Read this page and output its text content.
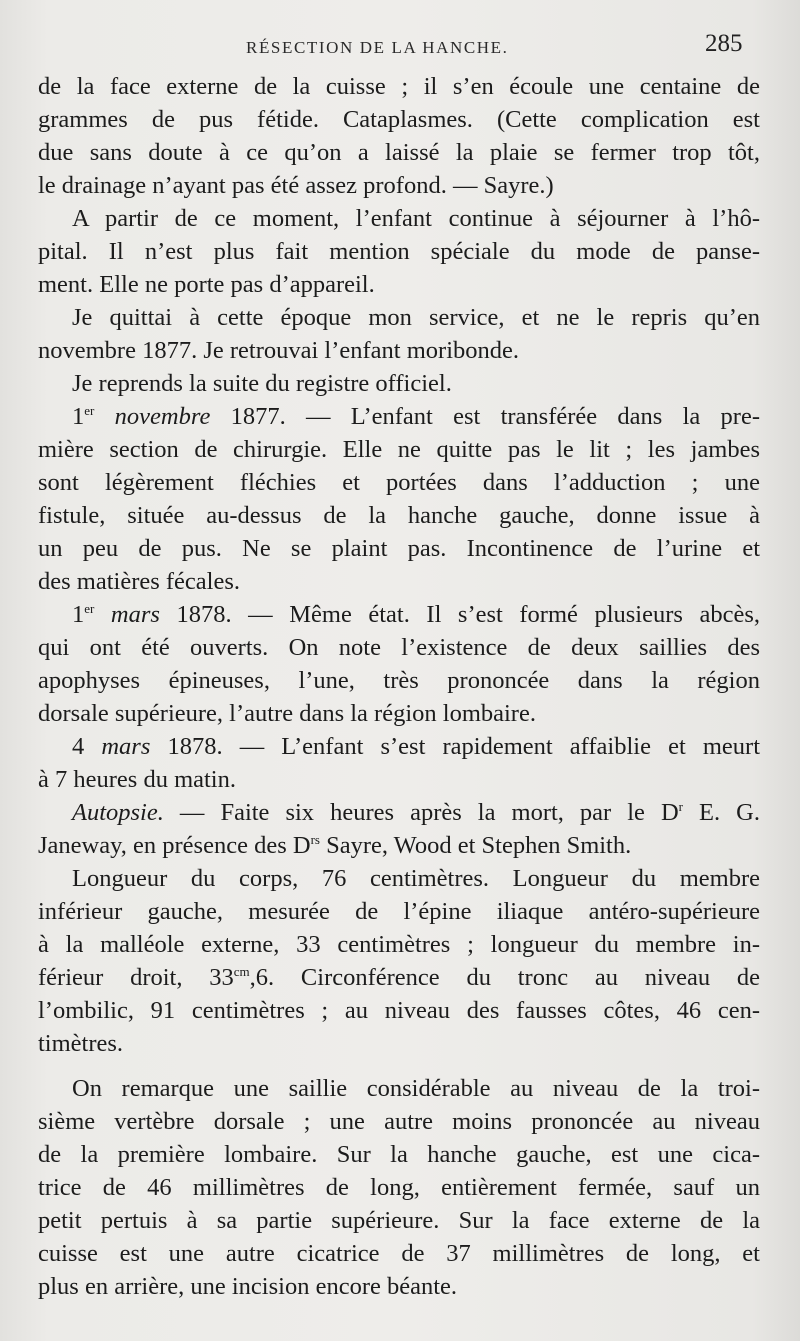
RÉSECTION DE LA HANCHE.	285
de la face externe de la cuisse ; il s’en écoule une centaine de
grammes de pus fétide. Cataplasmes. (Cette complication est
due sans doute à ce qu’on a laissé la plaie se fermer trop tôt,
le drainage n’ayant pas été assez profond. — Sayre.)
A partir de ce moment, l’enfant continue à séjourner à l’hô-
pital. Il n’est plus fait mention spéciale du mode de panse-
ment. Elle ne porte pas d’appareil.
Je quittai à cette époque mon service, et ne le repris qu’en
novembre 1877. Je retrouvai l’enfant moribonde.
Je reprends la suite du registre officiel.
1er novembre 1877. — L’enfant est transférée dans la pre-
mière section de chirurgie. Elle ne quitte pas le lit ; les jambes
sont légèrement fléchies et portées dans l’adduction ; une
fistule, située au-dessus de la hanche gauche, donne issue à
un peu de pus. Ne se plaint pas. Incontinence de l’urine et
des matières fécales.
1er mars 1878. — Même état. Il s’est formé plusieurs abcès,
qui ont été ouverts. On note l’existence de deux saillies des
apophyses épineuses, l’une, très prononcée dans la région
dorsale supérieure, l’autre dans la région lombaire.
4 mars 1878. — L’enfant s’est rapidement affaiblie et meurt
à 7 heures du matin.
Autopsie. — Faite six heures après la mort, par le $D^r$ E. G.
Janeway, en présence des $D^{rs}$ Sayre, Wood et Stephen Smith.
Longueur du corps, 76 centimètres. Longueur du membre
inférieur gauche, mesurée de l’épine iliaque antéro-supérieure
à la malléole externe, 33 centimètres ; longueur du membre in-
férieur droit, $33^{cm},6$. Circonférence du tronc au niveau de
l’ombilic, 91 centimètres ; au niveau des fausses côtes, 46 cen-
timètres.
On remarque une saillie considérable au niveau de la troi-
sième vertèbre dorsale ; une autre moins prononcée au niveau
de la première lombaire. Sur la hanche gauche, est une cica-
trice de 46 millimètres de long, entièrement fermée, sauf un
petit pertuis à sa partie supérieure. Sur la face externe de la
cuisse est une autre cicatrice de 37 millimètres de long, et
plus en arrière, une incision encore béante.
